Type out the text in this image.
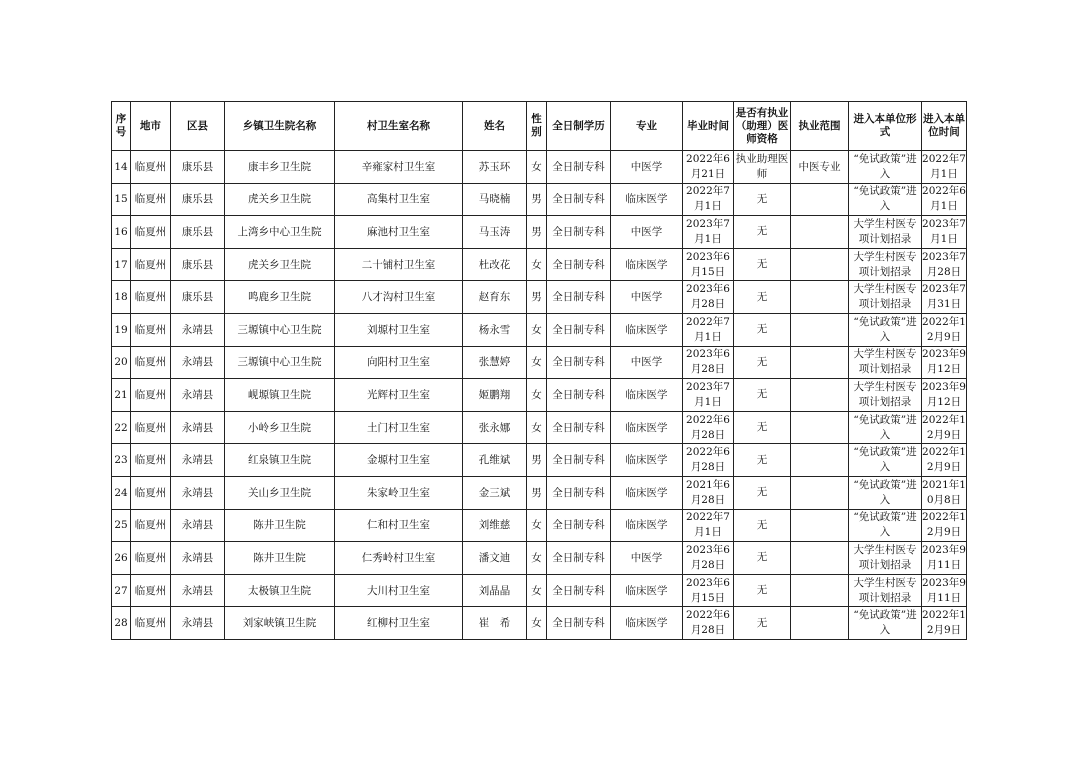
序号	地市	区县	乡镇卫生院名称	村卫生室名称	姓名	性别	全日制学历	专业	毕业时间	是否有执业（助理）医师资格	执业范围	进入本单位形式	进入本单位时间
14	临夏州	康乐县	康丰乡卫生院	辛雍家村卫生室	苏玉环	女	全日制专科	中医学	2022年6月21日	执业助理医师	中医专业	“免试政策”进入	2022年7月1日
15	临夏州	康乐县	虎关乡卫生院	高集村卫生室	马晓楠	男	全日制专科	临床医学	2022年7月1日	无		“免试政策”进入	2022年6月1日
16	临夏州	康乐县	上湾乡中心卫生院	麻池村卫生室	马玉涛	男	全日制专科	中医学	2023年7月1日	无		大学生村医专项计划招录	2023年7月1日
17	临夏州	康乐县	虎关乡卫生院	二十铺村卫生室	杜改花	女	全日制专科	临床医学	2023年6月15日	无		大学生村医专项计划招录	2023年7月28日
18	临夏州	康乐县	鸣鹿乡卫生院	八才沟村卫生室	赵育东	男	全日制专科	中医学	2023年6月28日	无		大学生村医专项计划招录	2023年7月31日
19	临夏州	永靖县	三塬镇中心卫生院	刘塬村卫生室	杨永雪	女	全日制专科	临床医学	2022年7月1日	无		“免试政策”进入	2022年12月9日
20	临夏州	永靖县	三塬镇中心卫生院	向阳村卫生室	张慧婷	女	全日制专科	中医学	2023年6月28日	无		大学生村医专项计划招录	2023年9月12日
21	临夏州	永靖县	岘塬镇卫生院	光辉村卫生室	姬鹏翔	女	全日制专科	临床医学	2023年7月1日	无		大学生村医专项计划招录	2023年9月12日
22	临夏州	永靖县	小岭乡卫生院	土门村卫生室	张永娜	女	全日制专科	临床医学	2022年6月28日	无		“免试政策”进入	2022年12月9日
23	临夏州	永靖县	红泉镇卫生院	金塬村卫生室	孔维斌	男	全日制专科	临床医学	2022年6月28日	无		“免试政策”进入	2022年12月9日
24	临夏州	永靖县	关山乡卫生院	朱家岭卫生室	金三斌	男	全日制专科	临床医学	2021年6月28日	无		“免试政策”进入	2021年10月8日
25	临夏州	永靖县	陈井卫生院	仁和村卫生室	刘维慈	女	全日制专科	临床医学	2022年7月1日	无		“免试政策”进入	2022年12月9日
26	临夏州	永靖县	陈井卫生院	仁秀岭村卫生室	潘文迪	女	全日制专科	中医学	2023年6月28日	无		大学生村医专项计划招录	2023年9月11日
27	临夏州	永靖县	太极镇卫生院	大川村卫生室	刘晶晶	女	全日制专科	临床医学	2023年6月15日	无		大学生村医专项计划招录	2023年9月11日
28	临夏州	永靖县	刘家峡镇卫生院	红柳村卫生室	崔　希	女	全日制专科	临床医学	2022年6月28日	无		“免试政策”进入	2022年12月9日
